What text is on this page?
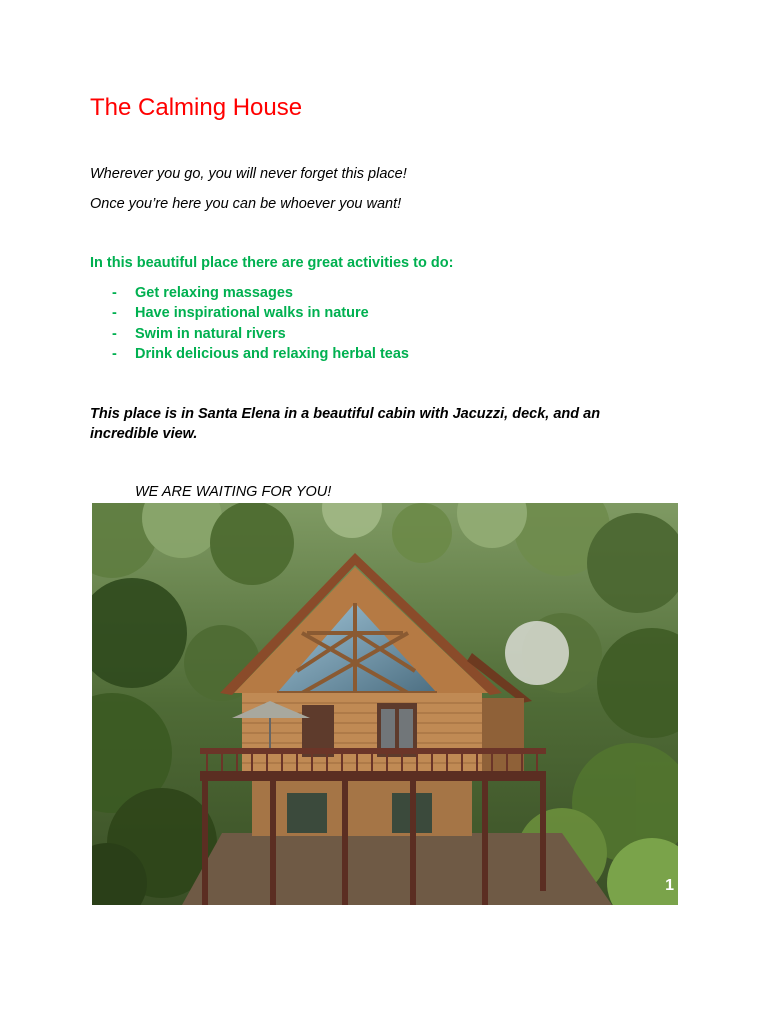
The Calming House

Wherever you go, you will never forget this place!

Once you’re here you can be whoever you want!

In this beautiful place there are great activities to do:

- Get relaxing massages
- Have inspirational walks in nature
- Swim in natural rivers
- Drink delicious and relaxing herbal teas

This place is in Santa Elena in a beautiful cabin with Jacuzzi, deck, and an incredible view.

WE ARE WAITING FOR YOU!

1
